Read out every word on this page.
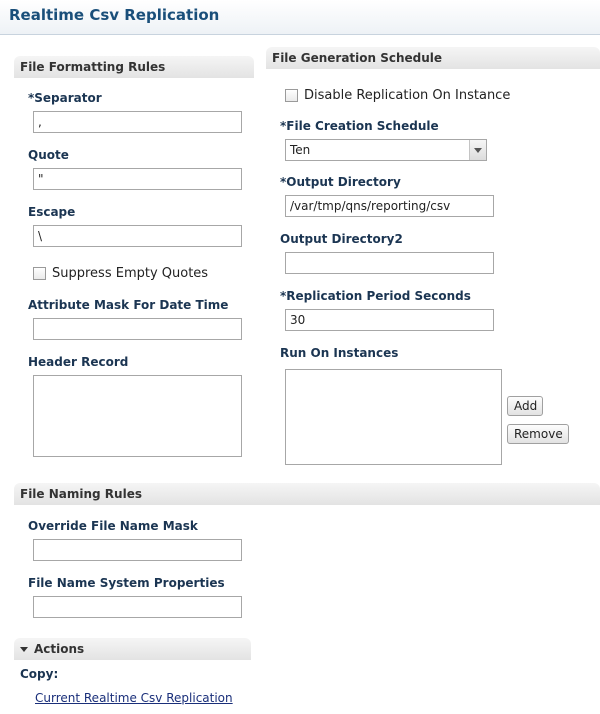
Realtime Csv Replication
File Formatting Rules
*Separator
,
Quote
"
Escape
\
Suppress Empty Quotes
Attribute Mask For Date Time
Header Record
File Generation Schedule
Disable Replication On Instance
*File Creation Schedule
Ten
*Output Directory
/var/tmp/qns/reporting/csv
Output Directory2
*Replication Period Seconds
30
Run On Instances
Add
Remove
File Naming Rules
Override File Name Mask
File Name System Properties
Actions
Copy:
Current Realtime Csv Replication
